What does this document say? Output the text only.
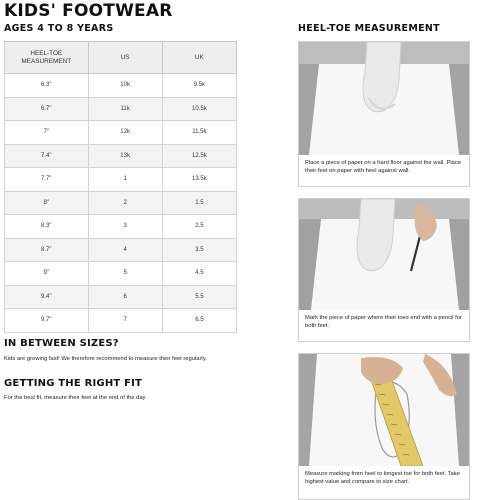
KIDS' FOOTWEAR
AGES 4 TO 8 YEARS	HEEL-TOE MEASUREMENT
HEEL-TOE MEASUREMENT	US	UK
6.3"	10k	9.5k
6.7"	11k	10.5k
7"	12k	11.5k
7.4"	13k	12.5k
7.7"	1	13.5k
8"	2	1.5
8.3"	3	2.5
8.7"	4	3.5
9"	5	4.5
9.4"	6	5.5
9.7"	7	6.5
IN BETWEEN SIZES?

Kids are growing fast! We therefore recommend to measure their feet regularly.

GETTING THE RIGHT FIT

For the best fit, measure their feet at the end of the day.

Place a piece of paper on a hard floor against the wall. Place their feet on paper with heel against wall.
Mark the piece of paper where their toes end with a pencil for both feet.
Measure marking from heel to longest toe for both feet. Take highest value and compare to size chart.
